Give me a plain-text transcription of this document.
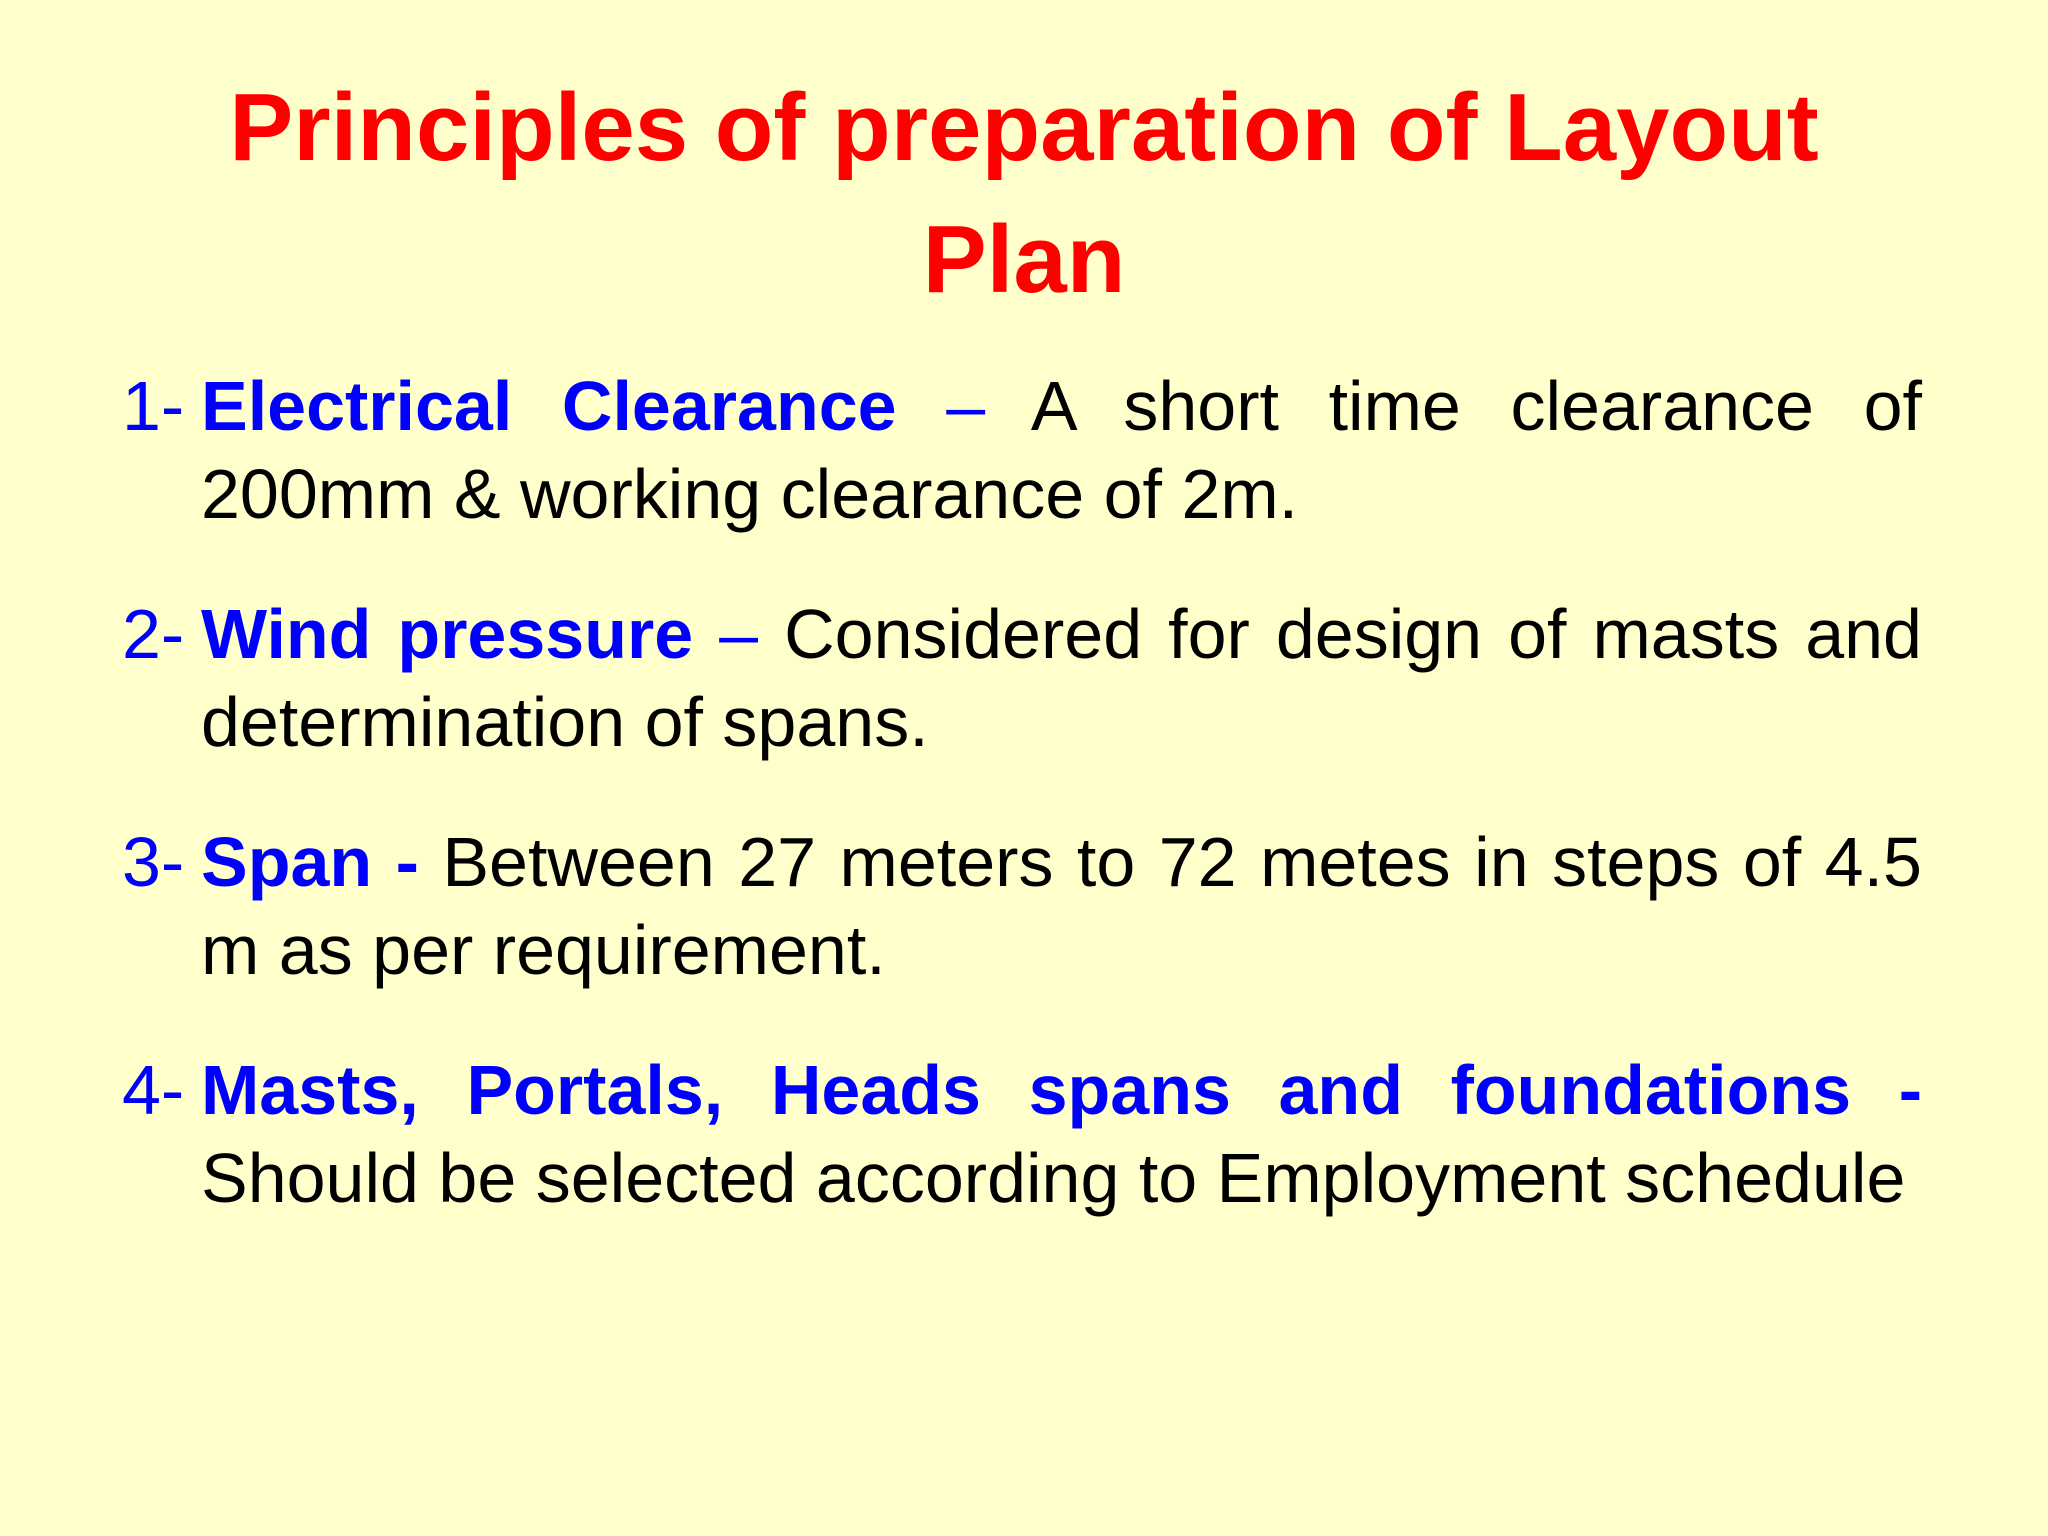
Principles of preparation of Layout Plan
1- Electrical Clearance – A short time clearance of 200mm & working clearance of 2m.
2- Wind pressure – Considered for design of masts and determination of spans.
3- Span - Between 27 meters to 72 metes in steps of 4.5 m as per requirement.
4- Masts, Portals, Heads spans and foundations - Should be selected according to Employment schedule
